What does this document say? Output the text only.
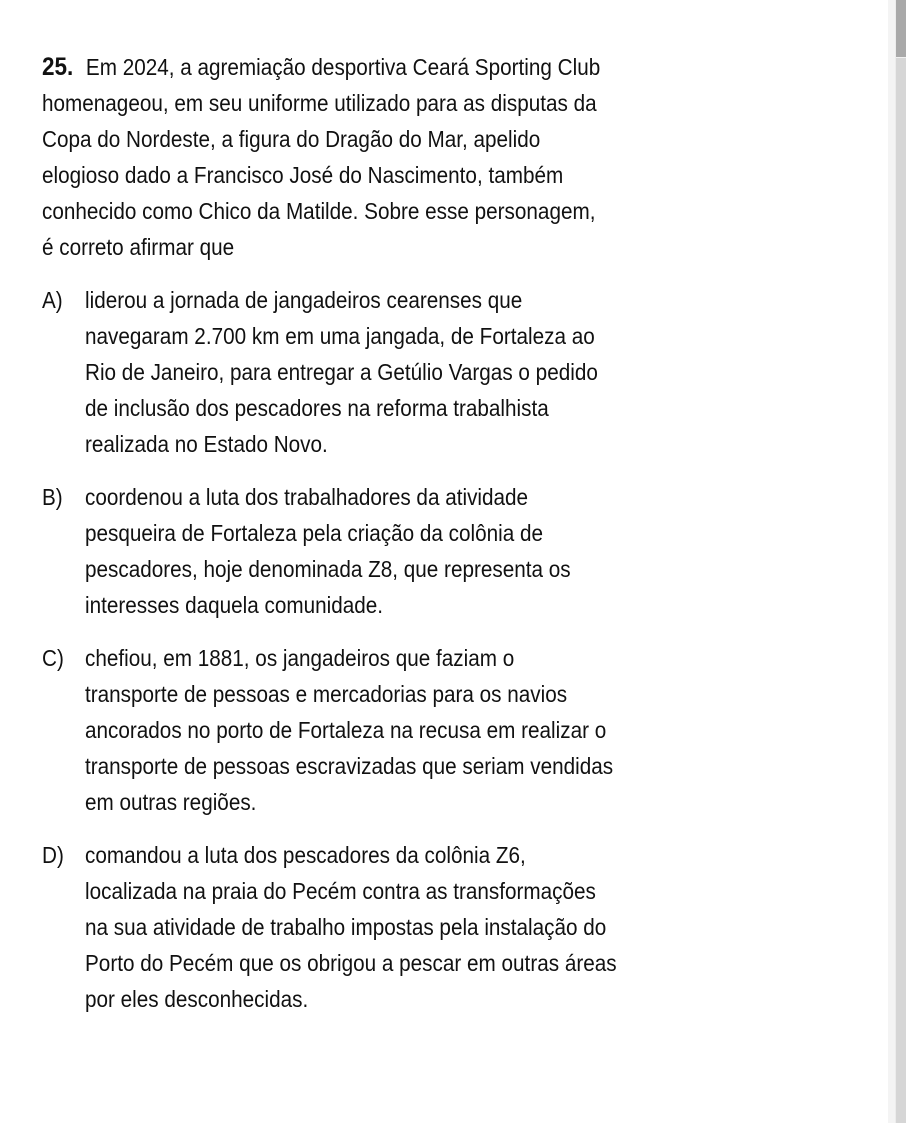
25. Em 2024, a agremiação desportiva Ceará Sporting Club
homenageou, em seu uniforme utilizado para as disputas da
Copa do Nordeste, a figura do Dragão do Mar, apelido
elogioso dado a Francisco José do Nascimento, também
conhecido como Chico da Matilde. Sobre esse personagem,
é correto afirmar que
A) liderou a jornada de jangadeiros cearenses que
navegaram 2.700 km em uma jangada, de Fortaleza ao
Rio de Janeiro, para entregar a Getúlio Vargas o pedido
de inclusão dos pescadores na reforma trabalhista
realizada no Estado Novo.
B) coordenou a luta dos trabalhadores da atividade
pesqueira de Fortaleza pela criação da colônia de
pescadores, hoje denominada Z8, que representa os
interesses daquela comunidade.
C) chefiou, em 1881, os jangadeiros que faziam o
transporte de pessoas e mercadorias para os navios
ancorados no porto de Fortaleza na recusa em realizar o
transporte de pessoas escravizadas que seriam vendidas
em outras regiões.
D) comandou a luta dos pescadores da colônia Z6,
localizada na praia do Pecém contra as transformações
na sua atividade de trabalho impostas pela instalação do
Porto do Pecém que os obrigou a pescar em outras áreas
por eles desconhecidas.
